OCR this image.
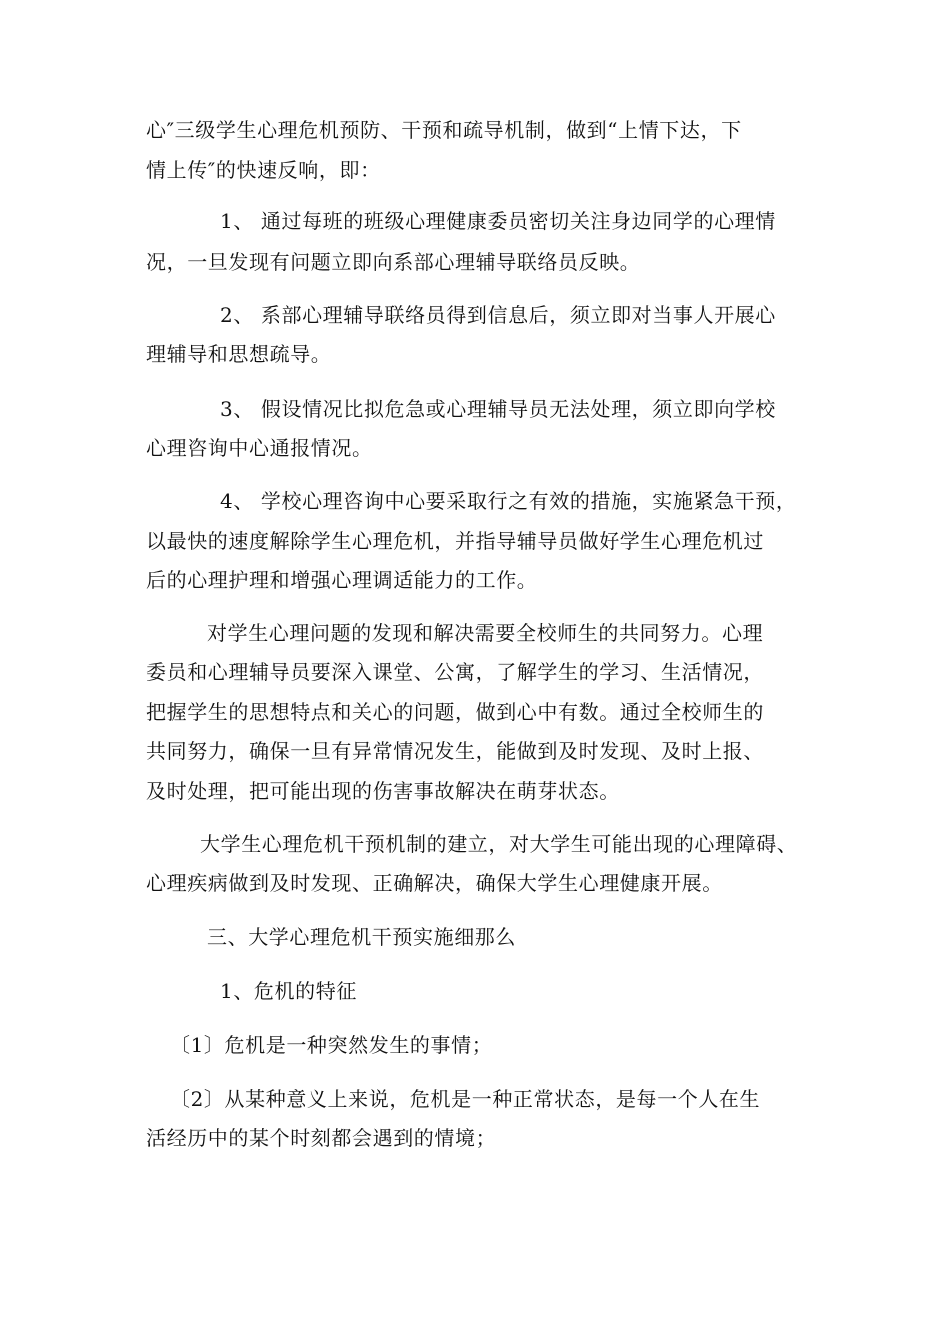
心″三级学生心理危机预防、干预和疏导机制，做到“上情下达，下
情上传″的快速反响，即：
1、 通过每班的班级心理健康委员密切关注身边同学的心理情
况，一旦发现有问题立即向系部心理辅导联络员反映。
2、 系部心理辅导联络员得到信息后，须立即对当事人开展心
理辅导和思想疏导。
3、 假设情况比拟危急或心理辅导员无法处理，须立即向学校
心理咨询中心通报情况。
4、 学校心理咨询中心要采取行之有效的措施，实施紧急干预，
以最快的速度解除学生心理危机，并指导辅导员做好学生心理危机过
后的心理护理和增强心理调适能力的工作。
对学生心理问题的发现和解决需要全校师生的共同努力。心理
委员和心理辅导员要深入课堂、公寓，了解学生的学习、生活情况，
把握学生的思想特点和关心的问题，做到心中有数。通过全校师生的
共同努力，确保一旦有异常情况发生，能做到及时发现、及时上报、
及时处理，把可能出现的伤害事故解决在萌芽状态。
大学生心理危机干预机制的建立，对大学生可能出现的心理障碍、
心理疾病做到及时发现、正确解决，确保大学生心理健康开展。
三、大学心理危机干预实施细那么
1、危机的特征
〔1〕危机是一种突然发生的事情；
〔2〕从某种意义上来说，危机是一种正常状态，是每一个人在生
活经历中的某个时刻都会遇到的情境；
